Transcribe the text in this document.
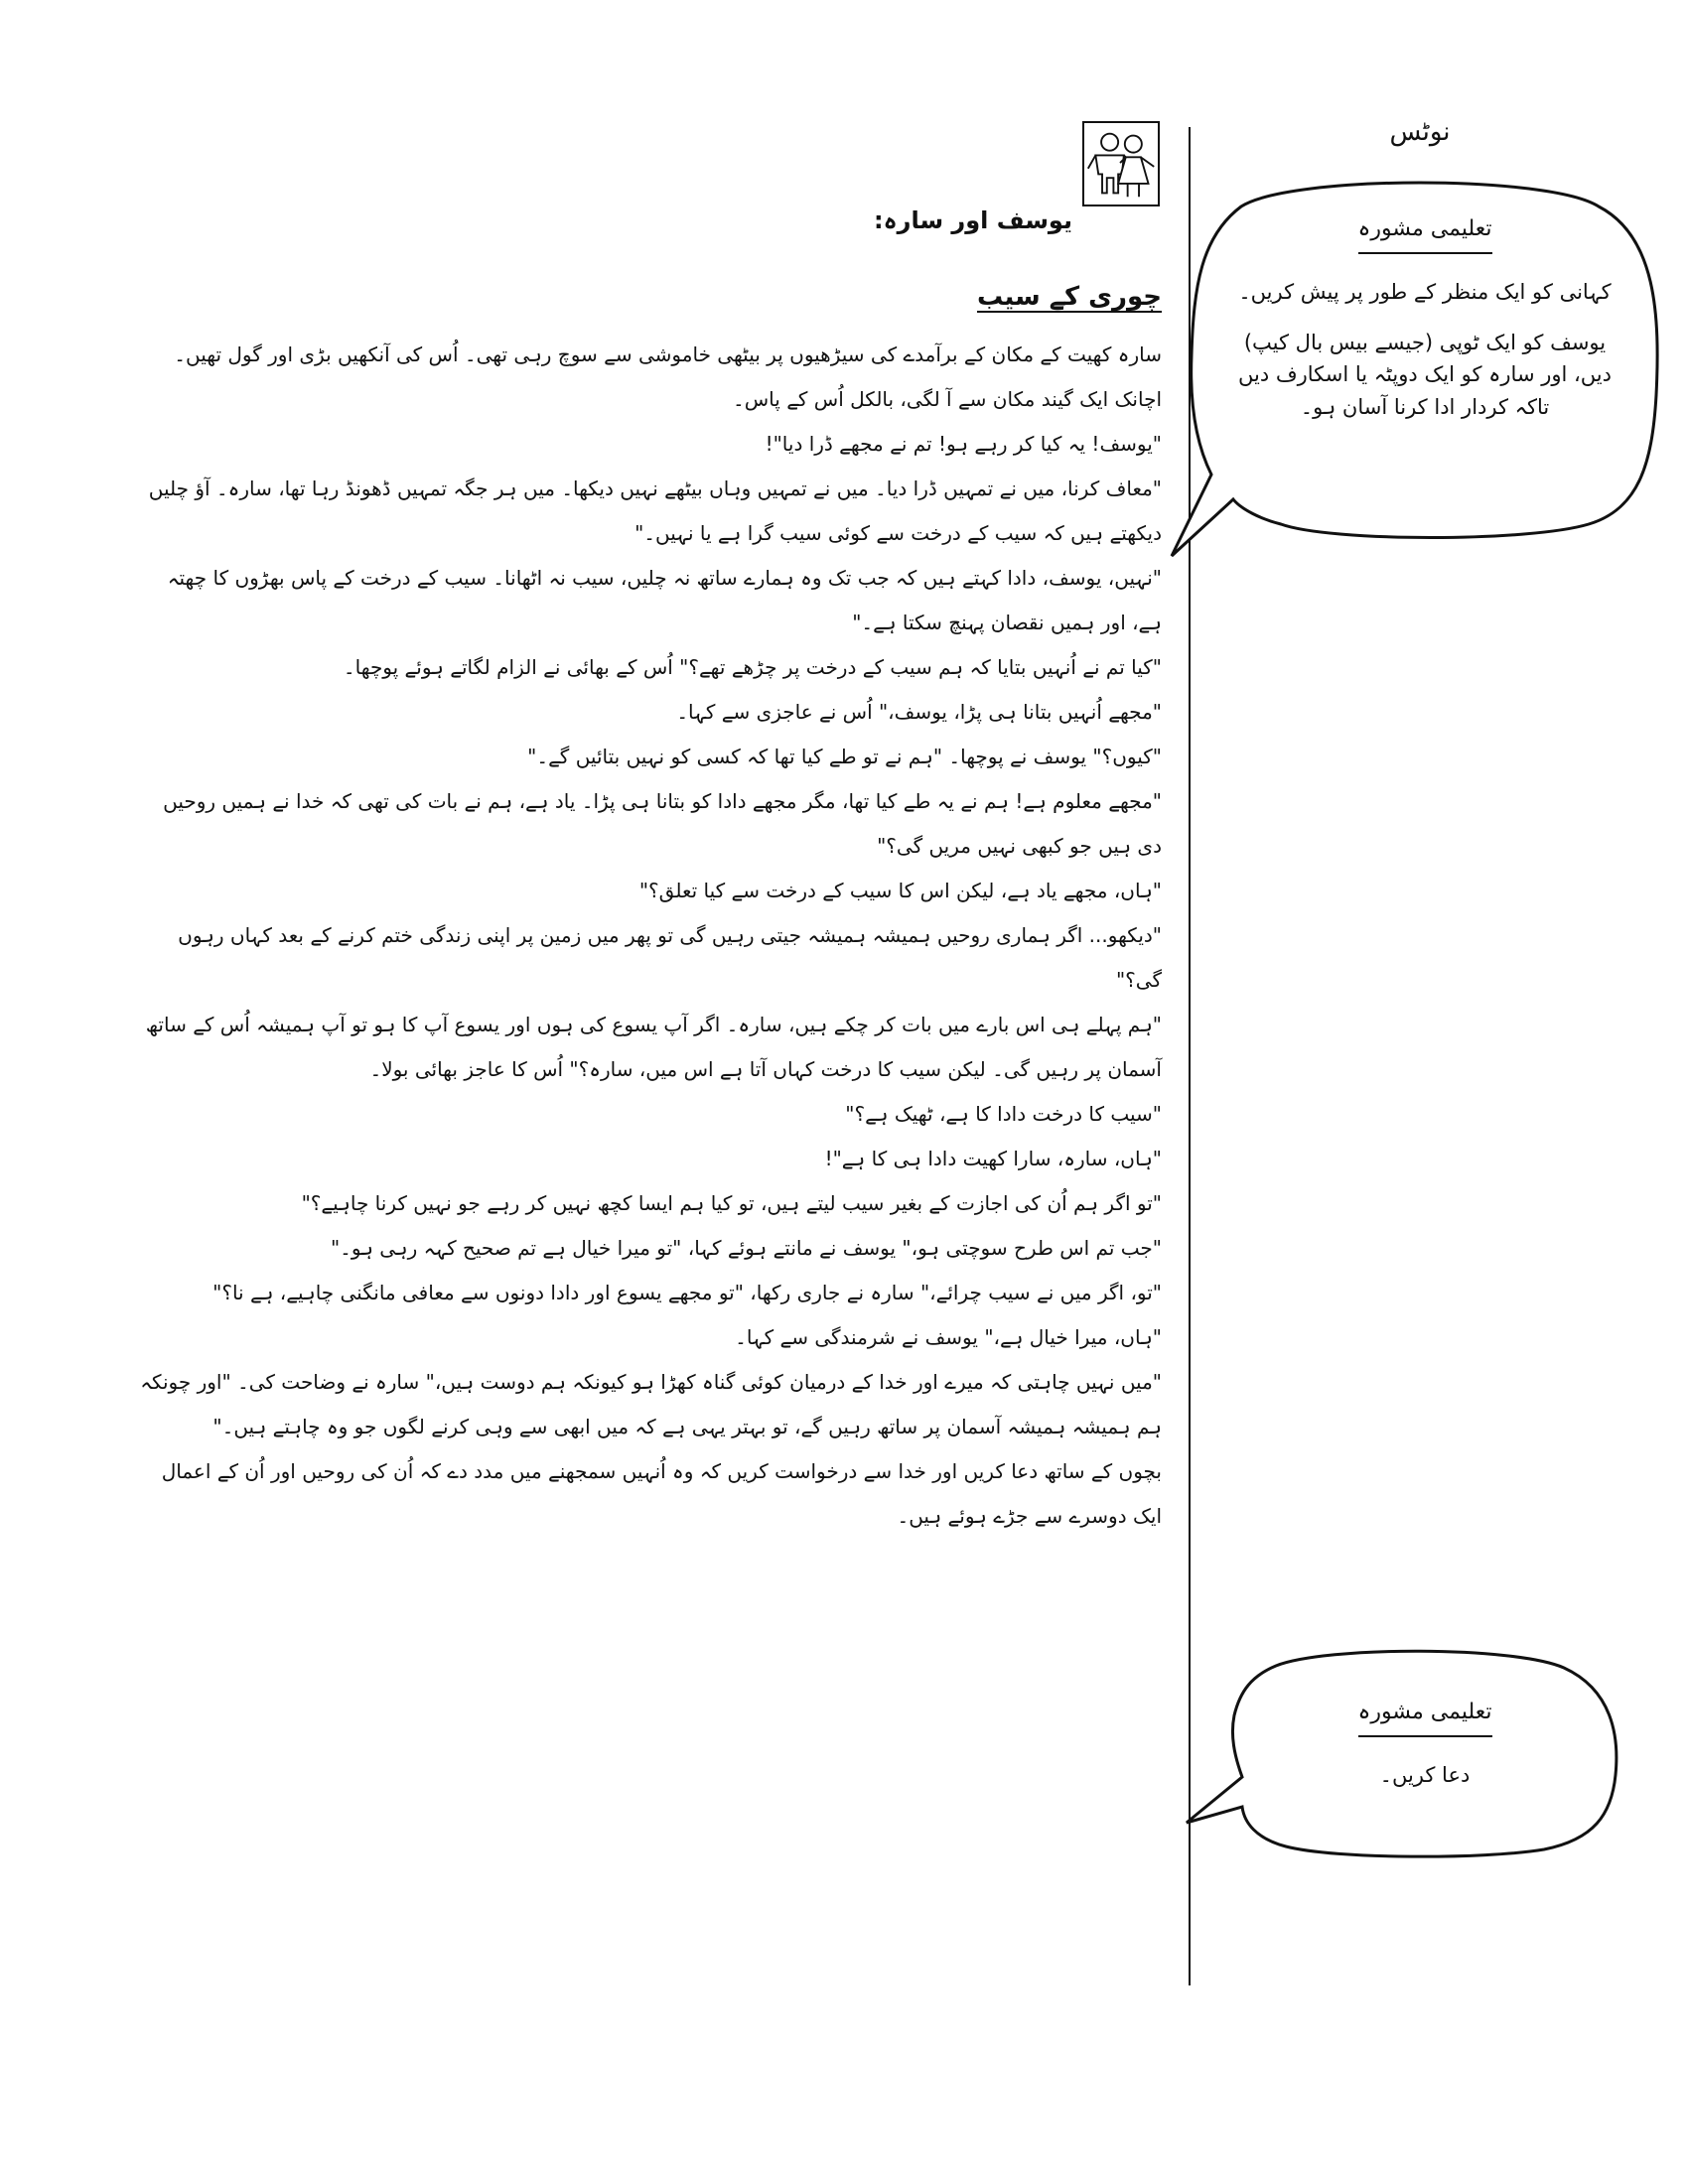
نوٹس
تعلیمی مشورہ
کہانی کو ایک منظر کے طور پر پیش کریں۔
یوسف کو ایک ٹوپی (جیسے بیس بال کیپ)
دیں، اور سارہ کو ایک دوپٹہ یا اسکارف دیں
تاکہ کردار ادا کرنا آسان ہو۔
تعلیمی مشورہ
دعا کریں۔
یوسف اور سارہ:
چوری کے سیب

سارہ کھیت کے مکان کے برآمدے کی سیڑھیوں پر بیٹھی خاموشی سے سوچ رہی تھی۔ اُس کی آنکھیں بڑی اور گول تھیں۔

اچانک ایک گیند مکان سے آ لگی، بالکل اُس کے پاس۔

"یوسف! یہ کیا کر رہے ہو! تم نے مجھے ڈرا دیا"!

"معاف کرنا، میں نے تمہیں ڈرا دیا۔ میں نے تمہیں وہاں بیٹھے نہیں دیکھا۔ میں ہر جگہ تمہیں ڈھونڈ رہا تھا، سارہ۔ آؤ چلیں دیکھتے ہیں کہ سیب کے درخت سے کوئی سیب گرا ہے یا نہیں۔"

"نہیں، یوسف، دادا کہتے ہیں کہ جب تک وہ ہمارے ساتھ نہ چلیں، سیب نہ اٹھانا۔ سیب کے درخت کے پاس بھڑوں کا چھتہ ہے، اور ہمیں نقصان پہنچ سکتا ہے۔"

"کیا تم نے اُنہیں بتایا کہ ہم سیب کے درخت پر چڑھے تھے؟" اُس کے بھائی نے الزام لگاتے ہوئے پوچھا۔

"مجھے اُنہیں بتانا ہی پڑا، یوسف،" اُس نے عاجزی سے کہا۔

"کیوں؟" یوسف نے پوچھا۔ "ہم نے تو طے کیا تھا کہ کسی کو نہیں بتائیں گے۔"

"مجھے معلوم ہے! ہم نے یہ طے کیا تھا، مگر مجھے دادا کو بتانا ہی پڑا۔ یاد ہے، ہم نے بات کی تھی کہ خدا نے ہمیں روحیں دی ہیں جو کبھی نہیں مریں گی؟"

"ہاں، مجھے یاد ہے، لیکن اس کا سیب کے درخت سے کیا تعلق؟"

"دیکھو... اگر ہماری روحیں ہمیشہ ہمیشہ جیتی رہیں گی تو پھر میں زمین پر اپنی زندگی ختم کرنے کے بعد کہاں رہوں گی؟"

"ہم پہلے ہی اس بارے میں بات کر چکے ہیں، سارہ۔ اگر آپ یسوع کی ہوں اور یسوع آپ کا ہو تو آپ ہمیشہ اُس کے ساتھ آسمان پر رہیں گی۔ لیکن سیب کا درخت کہاں آتا ہے اس میں، سارہ؟" اُس کا عاجز بھائی بولا۔

"سیب کا درخت دادا کا ہے، ٹھیک ہے؟"

"ہاں، سارہ، سارا کھیت دادا ہی کا ہے"!

"تو اگر ہم اُن کی اجازت کے بغیر سیب لیتے ہیں، تو کیا ہم ایسا کچھ نہیں کر رہے جو نہیں کرنا چاہیے؟"

"جب تم اس طرح سوچتی ہو،" یوسف نے مانتے ہوئے کہا، "تو میرا خیال ہے تم صحیح کہہ رہی ہو۔"

"تو، اگر میں نے سیب چرائے،" سارہ نے جاری رکھا، "تو مجھے یسوع اور دادا دونوں سے معافی مانگنی چاہیے، ہے نا؟"

"ہاں، میرا خیال ہے،" یوسف نے شرمندگی سے کہا۔

"میں نہیں چاہتی کہ میرے اور خدا کے درمیان کوئی گناہ کھڑا ہو کیونکہ ہم دوست ہیں،" سارہ نے وضاحت کی۔ "اور چونکہ ہم ہمیشہ ہمیشہ آسمان پر ساتھ رہیں گے، تو بہتر یہی ہے کہ میں ابھی سے وہی کرنے لگوں جو وہ چاہتے ہیں۔"

بچوں کے ساتھ دعا کریں اور خدا سے درخواست کریں کہ وہ اُنہیں سمجھنے میں مدد دے کہ اُن کی روحیں اور اُن کے اعمال ایک دوسرے سے جڑے ہوئے ہیں۔
